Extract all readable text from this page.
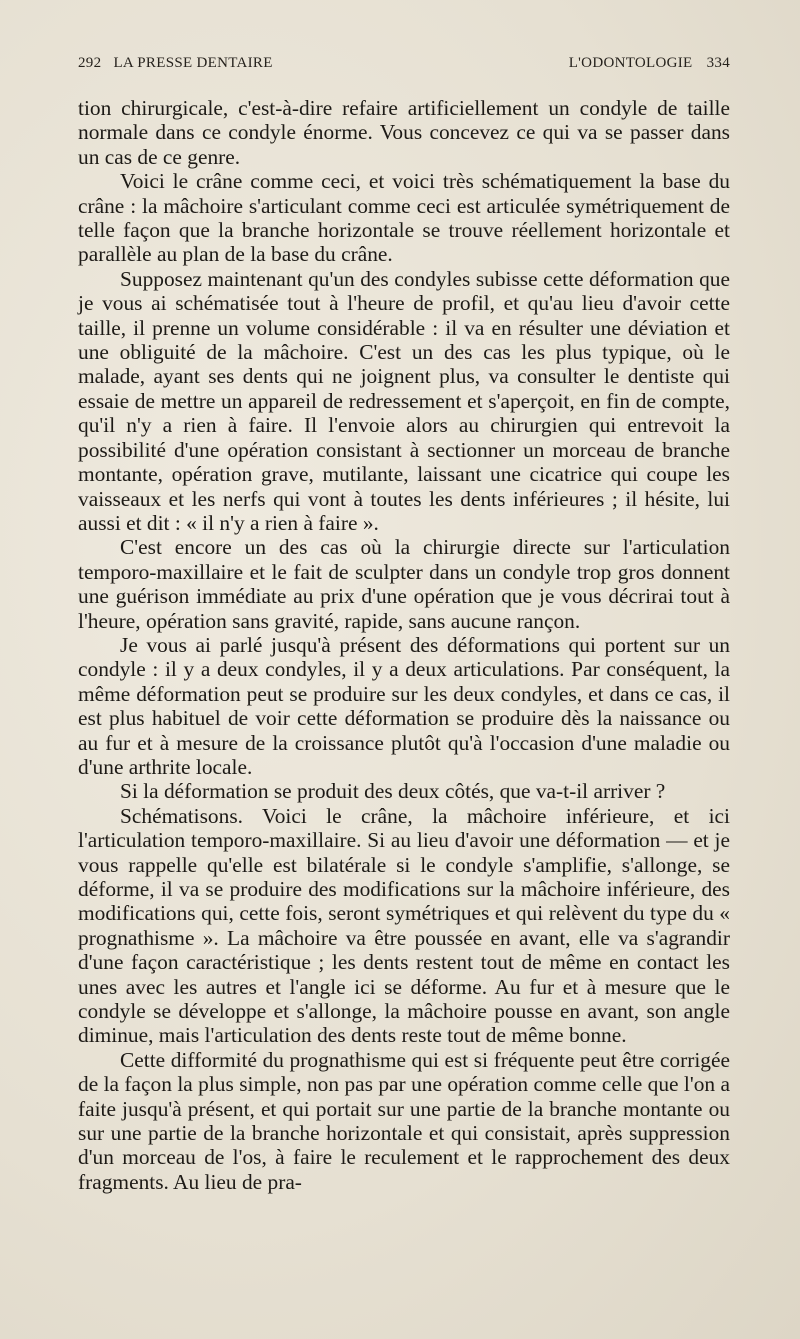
292 LA PRESSE DENTAIRE	L'ODONTOLOGIE 334

tion chirurgicale, c'est-à-dire refaire artificiellement un condyle de taille normale dans ce condyle énorme. Vous concevez ce qui va se passer dans un cas de ce genre.

Voici le crâne comme ceci, et voici très schématiquement la base du crâne : la mâchoire s'articulant comme ceci est articulée symétriquement de telle façon que la branche horizontale se trouve réellement horizontale et parallèle au plan de la base du crâne.

Supposez maintenant qu'un des condyles subisse cette déformation que je vous ai schématisée tout à l'heure de profil, et qu'au lieu d'avoir cette taille, il prenne un volume considérable : il va en résulter une déviation et une obliguité de la mâchoire. C'est un des cas les plus typique, où le malade, ayant ses dents qui ne joignent plus, va consulter le dentiste qui essaie de mettre un appareil de redressement et s'aperçoit, en fin de compte, qu'il n'y a rien à faire. Il l'envoie alors au chirurgien qui entrevoit la possibilité d'une opération consistant à sectionner un morceau de branche montante, opération grave, mutilante, laissant une cicatrice qui coupe les vaisseaux et les nerfs qui vont à toutes les dents inférieures ; il hésite, lui aussi et dit : « il n'y a rien à faire ».

C'est encore un des cas où la chirurgie directe sur l'articulation temporo-maxillaire et le fait de sculpter dans un condyle trop gros donnent une guérison immédiate au prix d'une opération que je vous décrirai tout à l'heure, opération sans gravité, rapide, sans aucune rançon.

Je vous ai parlé jusqu'à présent des déformations qui portent sur un condyle : il y a deux condyles, il y a deux articulations. Par conséquent, la même déformation peut se produire sur les deux condyles, et dans ce cas, il est plus habituel de voir cette déformation se produire dès la naissance ou au fur et à mesure de la croissance plutôt qu'à l'occasion d'une maladie ou d'une arthrite locale.

Si la déformation se produit des deux côtés, que va-t-il arriver ?

Schématisons. Voici le crâne, la mâchoire inférieure, et ici l'articulation temporo-maxillaire. Si au lieu d'avoir une déformation — et je vous rappelle qu'elle est bilatérale si le condyle s'amplifie, s'allonge, se déforme, il va se produire des modifications sur la mâchoire inférieure, des modifications qui, cette fois, seront symétriques et qui relèvent du type du « prognathisme ». La mâchoire va être poussée en avant, elle va s'agrandir d'une façon caractéristique ; les dents restent tout de même en contact les unes avec les autres et l'angle ici se déforme. Au fur et à mesure que le condyle se développe et s'allonge, la mâchoire pousse en avant, son angle diminue, mais l'articulation des dents reste tout de même bonne.

Cette difformité du prognathisme qui est si fréquente peut être corrigée de la façon la plus simple, non pas par une opération comme celle que l'on a faite jusqu'à présent, et qui portait sur une partie de la branche montante ou sur une partie de la branche horizontale et qui consistait, après suppression d'un morceau de l'os, à faire le reculement et le rapprochement des deux fragments. Au lieu de pra-
